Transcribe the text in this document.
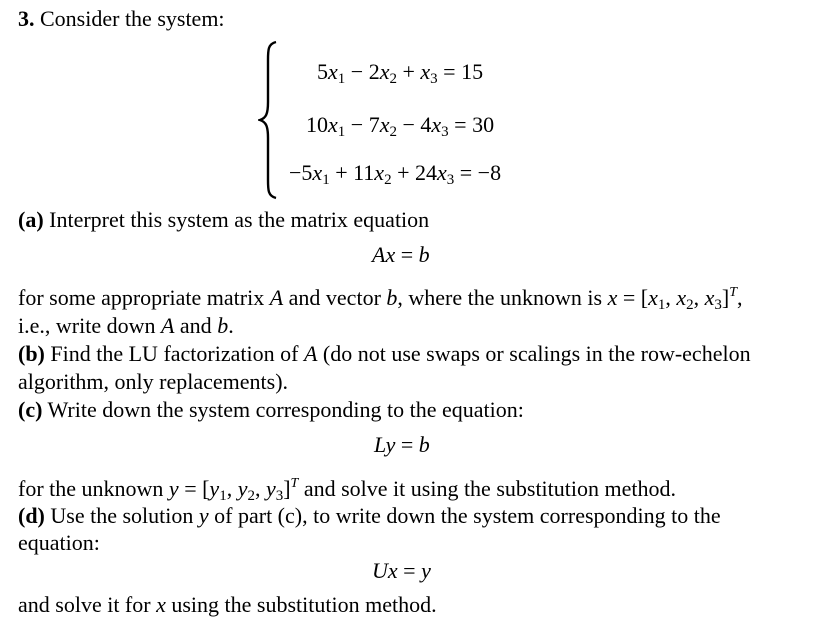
3. Consider the system:
$5x_1 - 2x_2 + x_3 = 15$
$10x_1 - 7x_2 - 4x_3 = 30$
$-5x_1 + 11x_2 + 24x_3 = -8$
(a) Interpret this system as the matrix equation
Ax = b
for some appropriate matrix A and vector b, where the unknown is $x = [x_1$, $x_2$, $x_3]^T$,
i.e., write down A and b.
(b) Find the LU factorization of A (do not use swaps or scalings in the row-echelon
algorithm, only replacements).
(c) Write down the system corresponding to the equation:
Ly = b
for the unknown $y = [y_1$, $y_2$, $y_3]^T$ and solve it using the substitution method.
(d) Use the solution y of part (c), to write down the system corresponding to the
equation:
Ux = y
and solve it for x using the substitution method.
